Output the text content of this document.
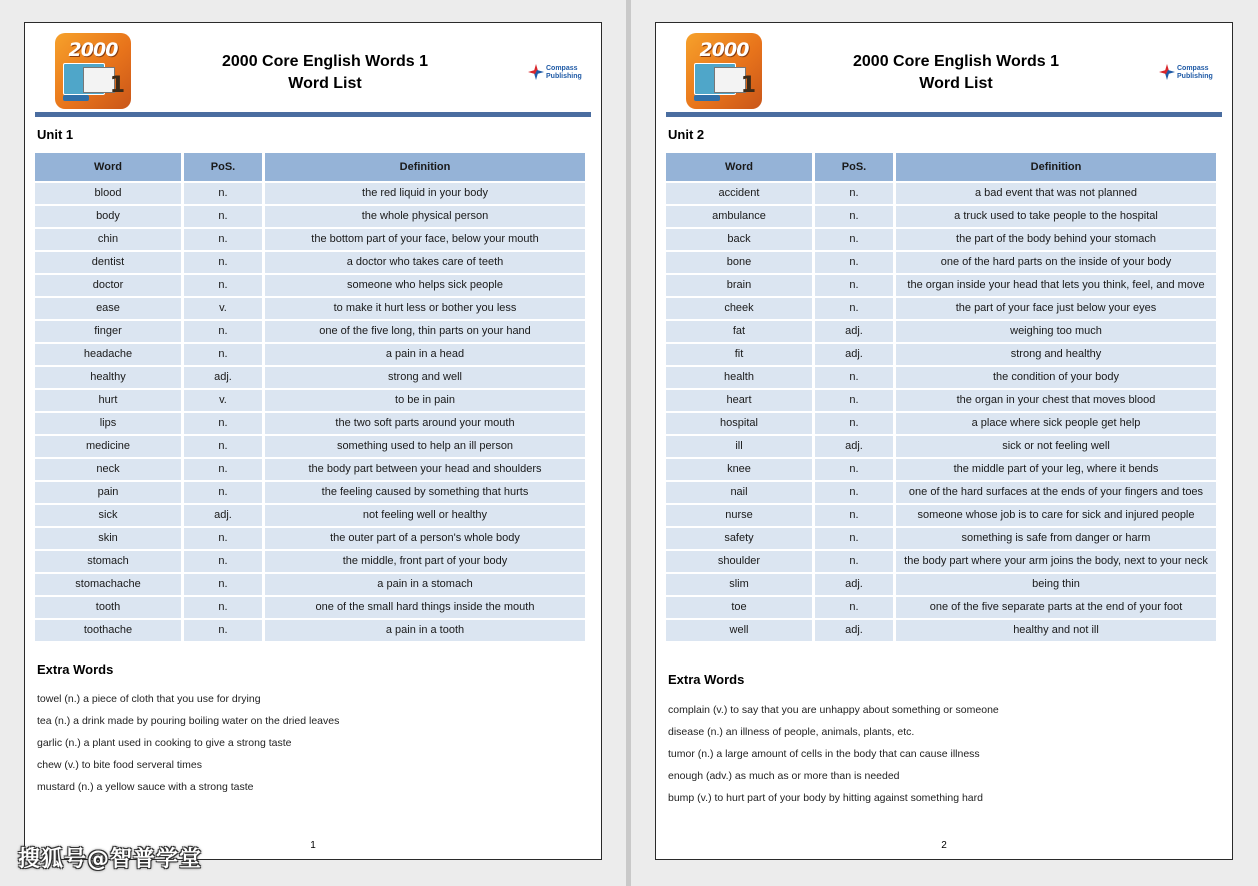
2000
1
2000 Core English Words 1
Word List
Compass
Publishing
Unit 1
Word	PoS.	Definition
blood	n.	the red liquid in your body
body	n.	the whole physical person
chin	n.	the bottom part of your face, below your mouth
dentist	n.	a doctor who takes care of teeth
doctor	n.	someone who helps sick people
ease	v.	to make it hurt less or bother you less
finger	n.	one of the five long, thin parts on your hand
headache	n.	a pain in a head
healthy	adj.	strong and well
hurt	v.	to be in pain
lips	n.	the two soft parts around your mouth
medicine	n.	something used to help an ill person
neck	n.	the body part between your head and shoulders
pain	n.	the feeling caused by something that hurts
sick	adj.	not feeling well or healthy
skin	n.	the outer part of a person's whole body
stomach	n.	the middle, front part of your body
stomachache	n.	a pain in a stomach
tooth	n.	one of the small hard things inside the mouth
toothache	n.	a pain in a tooth
Extra Words
towel (n.) a piece of cloth that you use for drying
tea (n.) a drink made by pouring boiling water on the dried leaves
garlic (n.) a plant used in cooking to give a strong taste
chew (v.) to bite food serveral times
mustard (n.) a yellow sauce with a strong taste
1
2000
1
2000 Core English Words 1
Word List
Compass
Publishing
Unit 2
Word	PoS.	Definition
accident	n.	a bad event that was not planned
ambulance	n.	a truck used to take people to the hospital
back	n.	the part of the body behind your stomach
bone	n.	one of the hard parts on the inside of your body
brain	n.	the organ inside your head that lets you think, feel, and move
cheek	n.	the part of your face just below your eyes
fat	adj.	weighing too much
fit	adj.	strong and healthy
health	n.	the condition of your body
heart	n.	the organ in your chest that moves blood
hospital	n.	a place where sick people get help
ill	adj.	sick or not feeling well
knee	n.	the middle part of your leg, where it bends
nail	n.	one of the hard surfaces at the ends of your fingers and toes
nurse	n.	someone whose job is to care for sick and injured people
safety	n.	something is safe from danger or harm
shoulder	n.	the body part where your arm joins the body, next to your neck
slim	adj.	being thin
toe	n.	one of the five separate parts at the end of your foot
well	adj.	healthy and not ill
Extra Words
complain (v.) to say that you are unhappy about something or someone
disease (n.) an illness of people, animals, plants, etc.
tumor (n.) a large amount of cells in the body that can cause illness
enough (adv.) as much as or more than is needed
bump (v.) to hurt part of your body by hitting against something hard
2
搜狐号@智普学堂
